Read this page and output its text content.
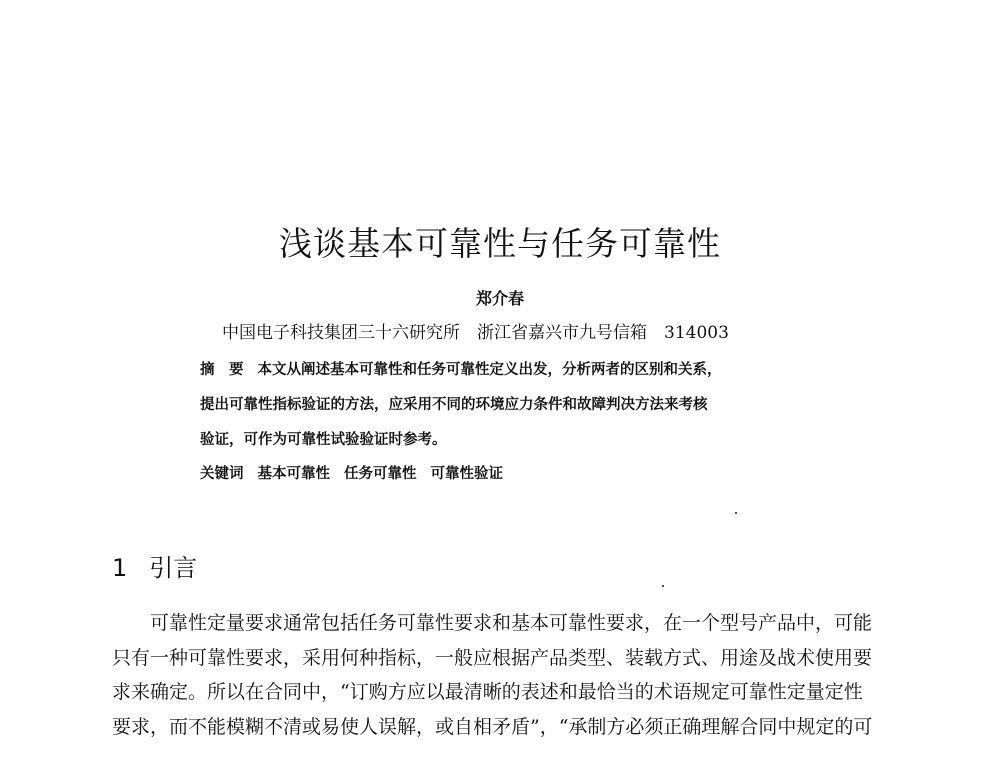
浅谈基本可靠性与任务可靠性
郑介春
中国电子科技集团三十六研究所　浙江省嘉兴市九号信箱　314003
摘　要 本文从阐述基本可靠性和任务可靠性定义出发，分析两者的区别和关系，
提出可靠性指标验证的方法，应采用不同的环境应力条件和故障判决方法来考核
验证，可作为可靠性试验验证时参考。
关键词 基本可靠性 任务可靠性 可靠性验证
1 引言
可靠性定量要求通常包括任务可靠性要求和基本可靠性要求，在一个型号产品中，可能
只有一种可靠性要求，采用何种指标，一般应根据产品类型、装载方式、用途及战术使用要
求来确定。所以在合同中，“订购方应以最清晰的表述和最恰当的术语规定可靠性定量定性
要求，而不能模糊不清或易使人误解，或自相矛盾”，“承制方必须正确理解合同中规定的可
